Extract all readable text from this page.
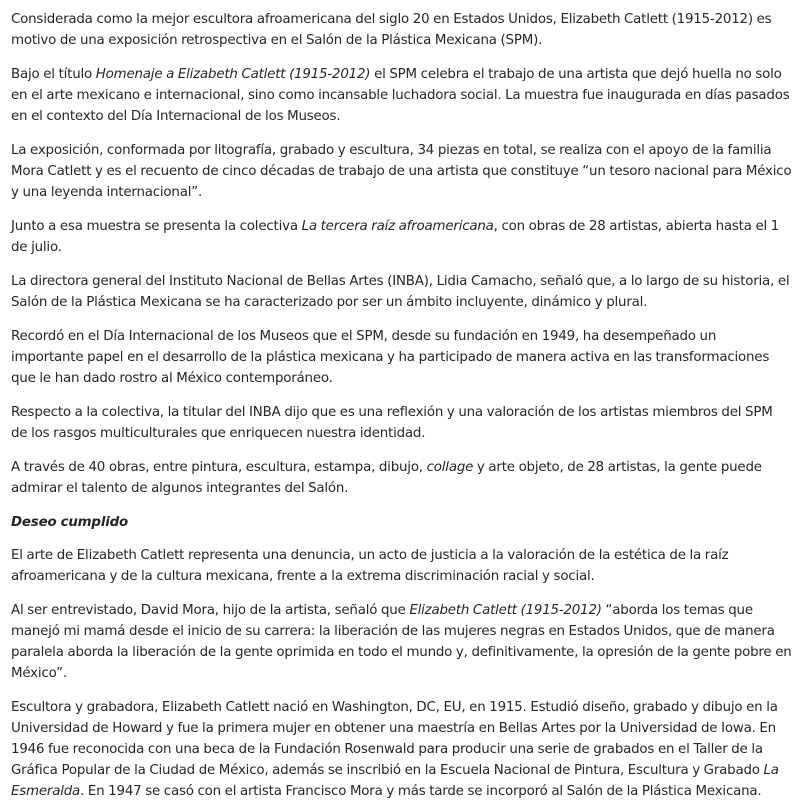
Considerada como la mejor escultora afroamericana del siglo 20 en Estados Unidos, Elizabeth Catlett (1915-2012) es motivo de una exposición retrospectiva en el Salón de la Plástica Mexicana (SPM).

Bajo el título Homenaje a Elizabeth Catlett (1915-2012) el SPM celebra el trabajo de una artista que dejó huella no solo en el arte mexicano e internacional, sino como incansable luchadora social. La muestra fue inaugurada en días pasados en el contexto del Día Internacional de los Museos.

La exposición, conformada por litografía, grabado y escultura, 34 piezas en total, se realiza con el apoyo de la familia Mora Catlett y es el recuento de cinco décadas de trabajo de una artista que constituye “un tesoro nacional para México y una leyenda internacional”.

Junto a esa muestra se presenta la colectiva La tercera raíz afroamericana, con obras de 28 artistas, abierta hasta el 1 de julio.

La directora general del Instituto Nacional de Bellas Artes (INBA), Lidia Camacho, señaló que, a lo largo de su historia, el Salón de la Plástica Mexicana se ha caracterizado por ser un ámbito incluyente, dinámico y plural.

Recordó en el Día Internacional de los Museos que el SPM, desde su fundación en 1949, ha desempeñado un importante papel en el desarrollo de la plástica mexicana y ha participado de manera activa en las transformaciones que le han dado rostro al México contemporáneo.

Respecto a la colectiva, la titular del INBA dijo que es una reflexión y una valoración de los artistas miembros del SPM de los rasgos multiculturales que enriquecen nuestra identidad.

A través de 40 obras, entre pintura, escultura, estampa, dibujo, collage y arte objeto, de 28 artistas, la gente puede admirar el talento de algunos integrantes del Salón.

Deseo cumplido

El arte de Elizabeth Catlett representa una denuncia, un acto de justicia a la valoración de la estética de la raíz afroamericana y de la cultura mexicana, frente a la extrema discriminación racial y social.

Al ser entrevistado, David Mora, hijo de la artista, señaló que Elizabeth Catlett (1915-2012) “aborda los temas que manejó mi mamá desde el inicio de su carrera: la liberación de las mujeres negras en Estados Unidos, que de manera paralela aborda la liberación de la gente oprimida en todo el mundo y, definitivamente, la opresión de la gente pobre en México”.

Escultora y grabadora, Elizabeth Catlett nació en Washington, DC, EU, en 1915. Estudió diseño, grabado y dibujo en la Universidad de Howard y fue la primera mujer en obtener una maestría en Bellas Artes por la Universidad de Iowa. En 1946 fue reconocida con una beca de la Fundación Rosenwald para producir una serie de grabados en el Taller de la Gráfica Popular de la Ciudad de México, además se inscribió en la Escuela Nacional de Pintura, Escultura y Grabado La Esmeralda. En 1947 se casó con el artista Francisco Mora y más tarde se incorporó al Salón de la Plástica Mexicana.
